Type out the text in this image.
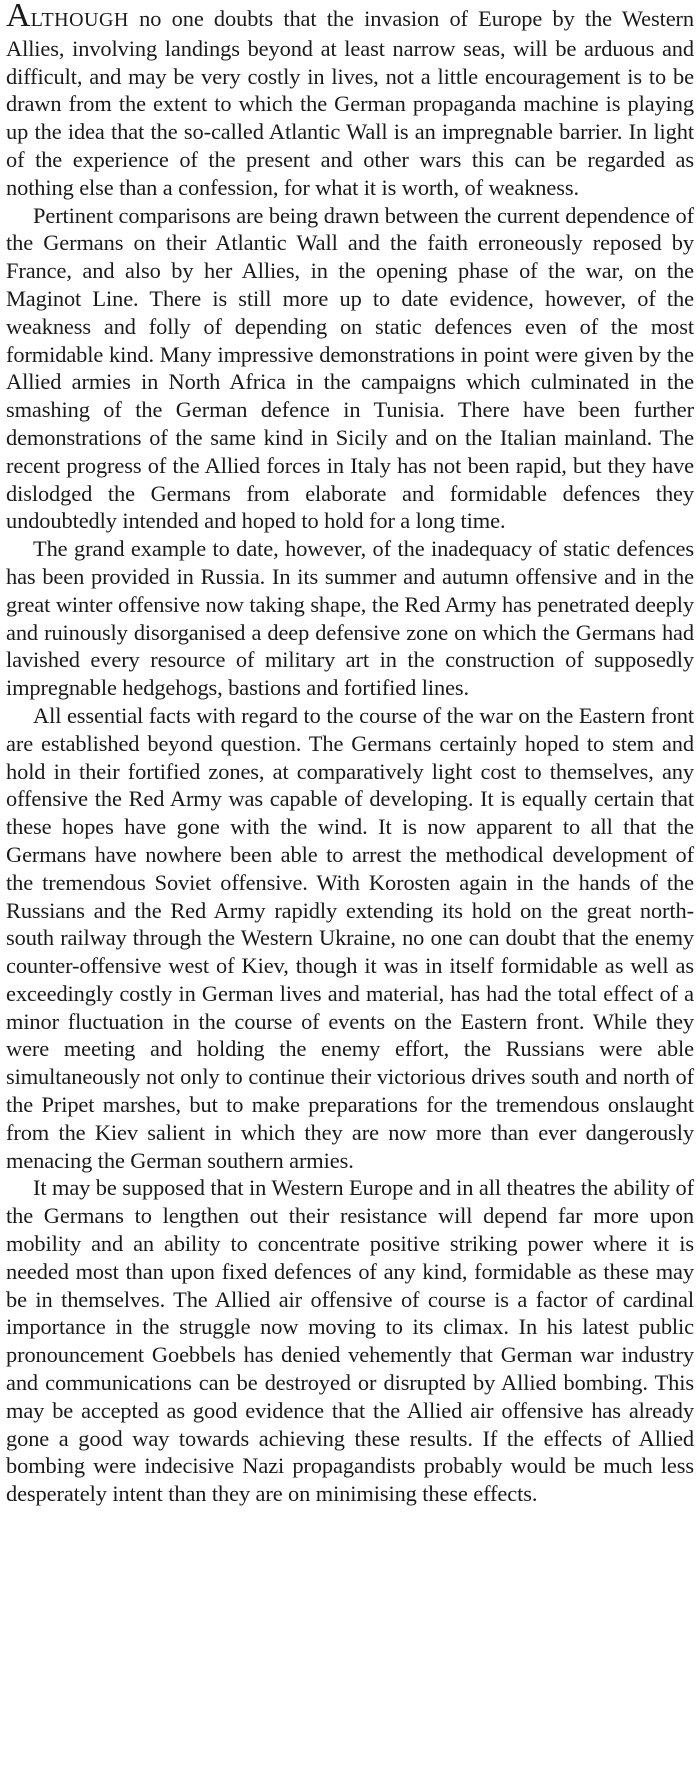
ALTHOUGH no one doubts that the invasion of Europe by the Western Allies, involving landings beyond at least narrow seas, will be arduous and difficult, and may be very costly in lives, not a little encouragement is to be drawn from the extent to which the German propaganda machine is playing up the idea that the so-called Atlantic Wall is an impregnable barrier. In light of the experience of the present and other wars this can be regarded as nothing else than a confession, for what it is worth, of weakness.

Pertinent comparisons are being drawn between the current dependence of the Germans on their Atlantic Wall and the faith erroneously reposed by France, and also by her Allies, in the opening phase of the war, on the Maginot Line. There is still more up to date evidence, however, of the weakness and folly of depending on static defences even of the most formidable kind. Many impressive demonstrations in point were given by the Allied armies in North Africa in the campaigns which culminated in the smashing of the German defence in Tunisia. There have been further demonstrations of the same kind in Sicily and on the Italian mainland. The recent progress of the Allied forces in Italy has not been rapid, but they have dislodged the Germans from elaborate and formidable defences they undoubtedly intended and hoped to hold for a long time.

The grand example to date, however, of the inadequacy of static defences has been provided in Russia. In its summer and autumn offensive and in the great winter offensive now taking shape, the Red Army has penetrated deeply and ruinously disorganised a deep defensive zone on which the Germans had lavished every resource of military art in the construction of supposedly impregnable hedgehogs, bastions and fortified lines.

All essential facts with regard to the course of the war on the Eastern front are established beyond question. The Germans certainly hoped to stem and hold in their fortified zones, at comparatively light cost to themselves, any offensive the Red Army was capable of developing. It is equally certain that these hopes have gone with the wind. It is now apparent to all that the Germans have nowhere been able to arrest the methodical development of the tremendous Soviet offensive. With Korosten again in the hands of the Russians and the Red Army rapidly extending its hold on the great north-south railway through the Western Ukraine, no one can doubt that the enemy counter-offensive west of Kiev, though it was in itself formidable as well as exceedingly costly in German lives and material, has had the total effect of a minor fluctuation in the course of events on the Eastern front. While they were meeting and holding the enemy effort, the Russians were able simultaneously not only to continue their victorious drives south and north of the Pripet marshes, but to make preparations for the tremendous onslaught from the Kiev salient in which they are now more than ever dangerously menacing the German southern armies.

It may be supposed that in Western Europe and in all theatres the ability of the Germans to lengthen out their resistance will depend far more upon mobility and an ability to concentrate positive striking power where it is needed most than upon fixed defences of any kind, formidable as these may be in themselves. The Allied air offensive of course is a factor of cardinal importance in the struggle now moving to its climax. In his latest public pronouncement Goebbels has denied vehemently that German war industry and communications can be destroyed or disrupted by Allied bombing. This may be accepted as good evidence that the Allied air offensive has already gone a good way towards achieving these results. If the effects of Allied bombing were indecisive Nazi propagandists probably would be much less desperately intent than they are on minimising these effects.
